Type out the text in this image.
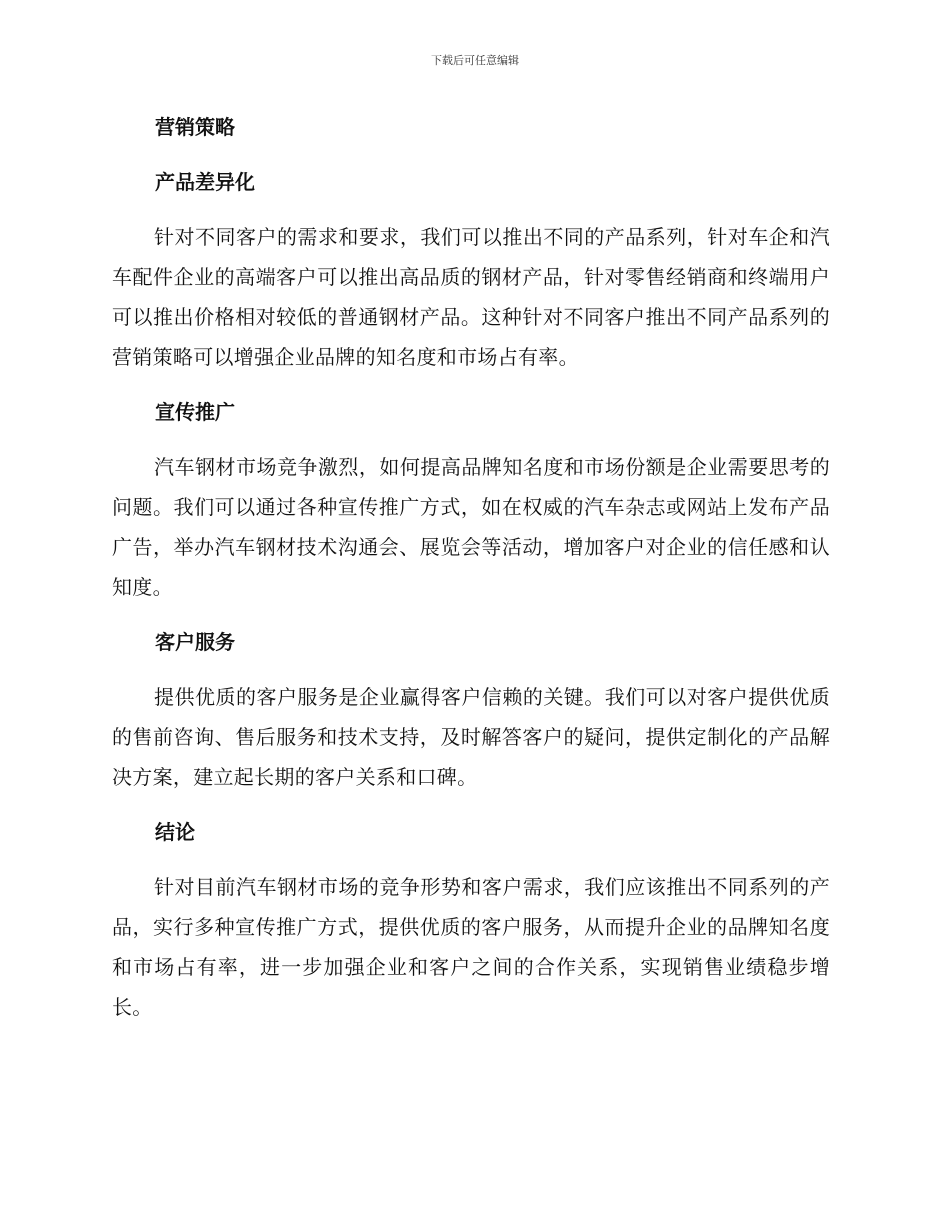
下载后可任意编辑
营销策略
产品差异化

针对不同客户的需求和要求，我们可以推出不同的产品系列，针对车企和汽车配件企业的高端客户可以推出高品质的钢材产品，针对零售经销商和终端用户可以推出价格相对较低的普通钢材产品。这种针对不同客户推出不同产品系列的营销策略可以增强企业品牌的知名度和市场占有率。

宣传推广

汽车钢材市场竞争激烈，如何提高品牌知名度和市场份额是企业需要思考的问题。我们可以通过各种宣传推广方式，如在权威的汽车杂志或网站上发布产品广告，举办汽车钢材技术沟通会、展览会等活动，增加客户对企业的信任感和认知度。

客户服务

提供优质的客户服务是企业赢得客户信赖的关键。我们可以对客户提供优质的售前咨询、售后服务和技术支持，及时解答客户的疑问，提供定制化的产品解决方案，建立起长期的客户关系和口碑。

结论

针对目前汽车钢材市场的竞争形势和客户需求，我们应该推出不同系列的产品，实行多种宣传推广方式，提供优质的客户服务，从而提升企业的品牌知名度和市场占有率，进一步加强企业和客户之间的合作关系，实现销售业绩稳步增长。
